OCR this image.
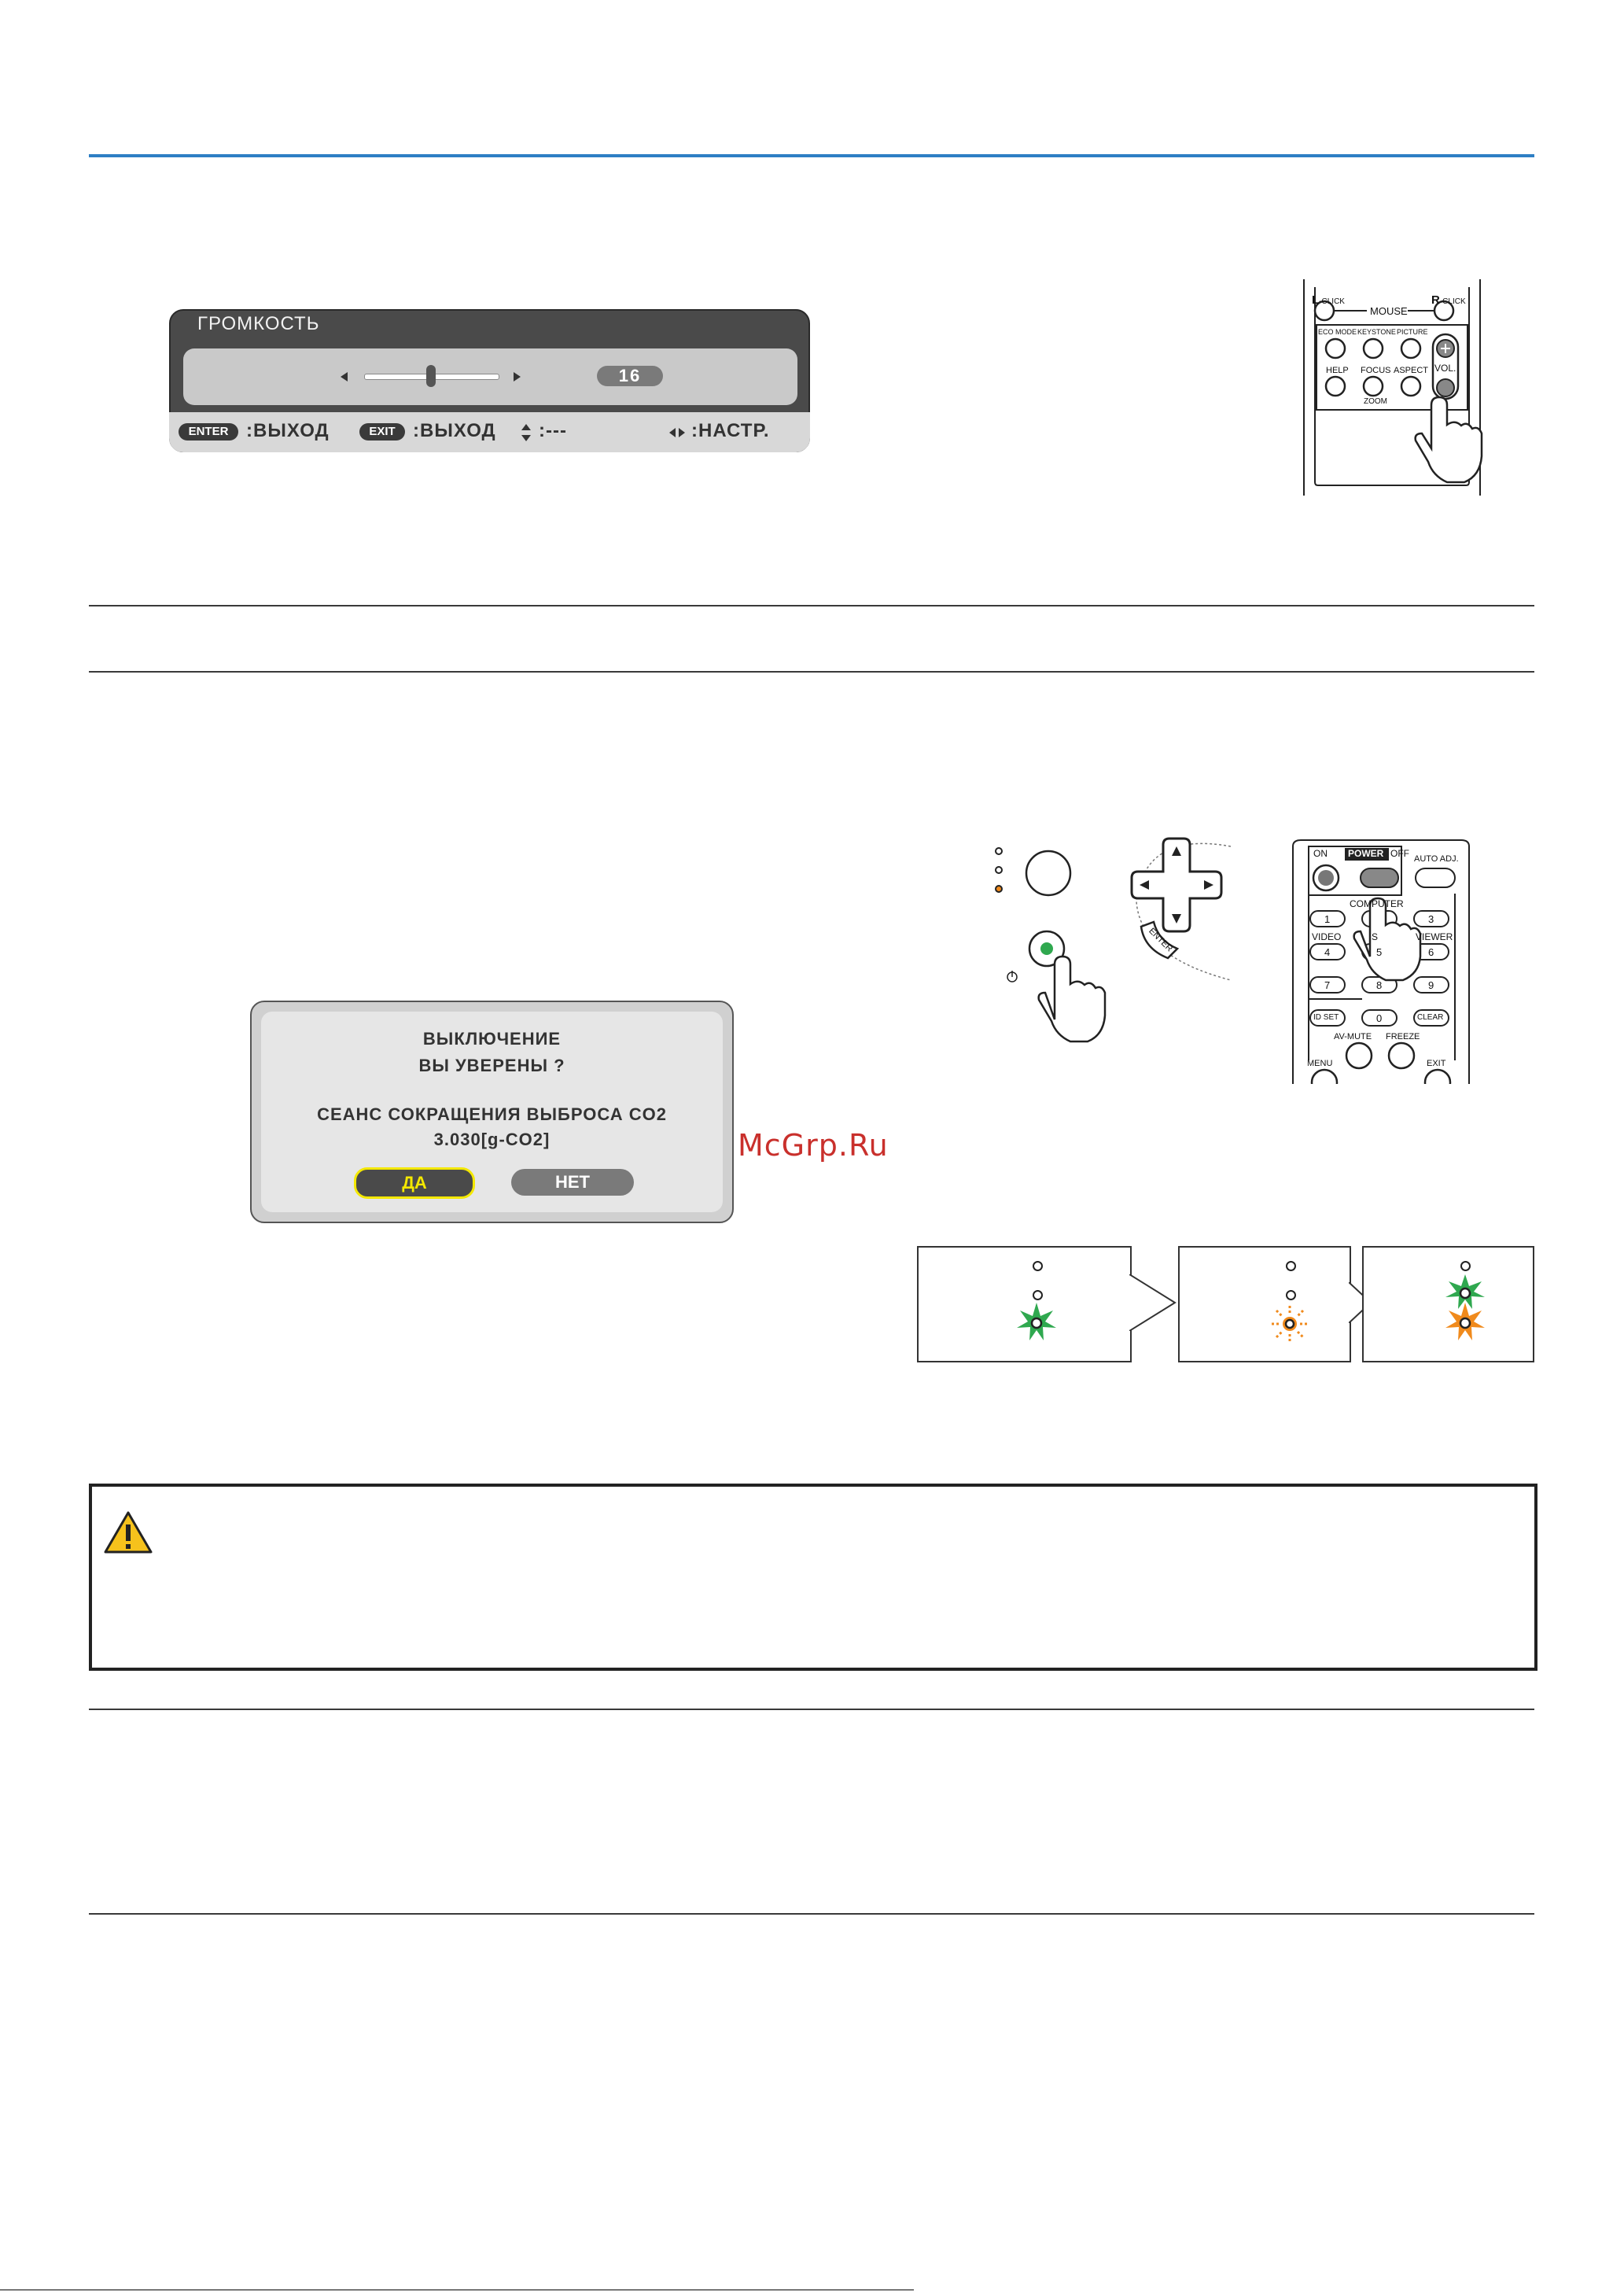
ГРОМКОСТЬ
16
ENTER :ВЫХОД	EXIT :ВЫХОД :---	:НАСТР.
L-CLICK	R-CLICK
MOUSE
ECO MODE KEYSTONE PICTURE
HELP FOCUS ASPECT VOL.
ZOOM
ВЫКЛЮЧЕНИЕ
ВЫ УВЕРЕНЫ ?
СЕАНС СОКРАЩЕНИЯ ВЫБРОСА CO2
3.030[g-CO2]
ДА	НЕТ
McGrp.Ru
ENTER
ON POWER OFF AUTO ADJ.
COMPUTER
VIDEO	S	VIEWER
1	3
4	5	6
7	8	9
ID SET	0	CLEAR
AV-MUTE FREEZE
MENU	EXIT
